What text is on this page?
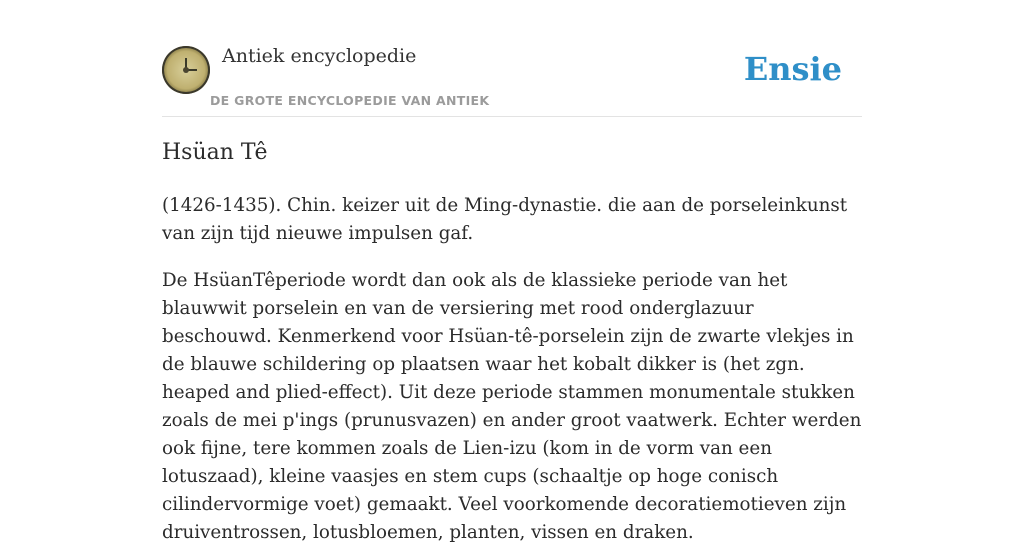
Antiek encyclopedie
DE GROTE ENCYCLOPEDIE VAN ANTIEK
Ensie
Hsüan Tê

(1426-1435). Chin. keizer uit de Ming-dynastie. die aan de porseleinkunst van zijn tijd nieuwe impulsen gaf.

De HsüanTêperiode wordt dan ook als de klassieke periode van het blauwwit porselein en van de versiering met rood onderglazuur beschouwd. Kenmerkend voor Hsüan-tê-porselein zijn de zwarte vlekjes in de blauwe schildering op plaatsen waar het kobalt dikker is (het zgn. heaped and plied-effect). Uit deze periode stammen monumentale stukken zoals de mei p'ings (prunusvazen) en ander groot vaatwerk. Echter werden ook fijne, tere kommen zoals de Lien-izu (kom in de vorm van een lotuszaad), kleine vaasjes en stem cups (schaaltje op hoge conisch cilindervormige voet) gemaakt. Veel voorkomende decoratiemotieven zijn druiventrossen, lotusbloemen, planten, vissen en draken.
